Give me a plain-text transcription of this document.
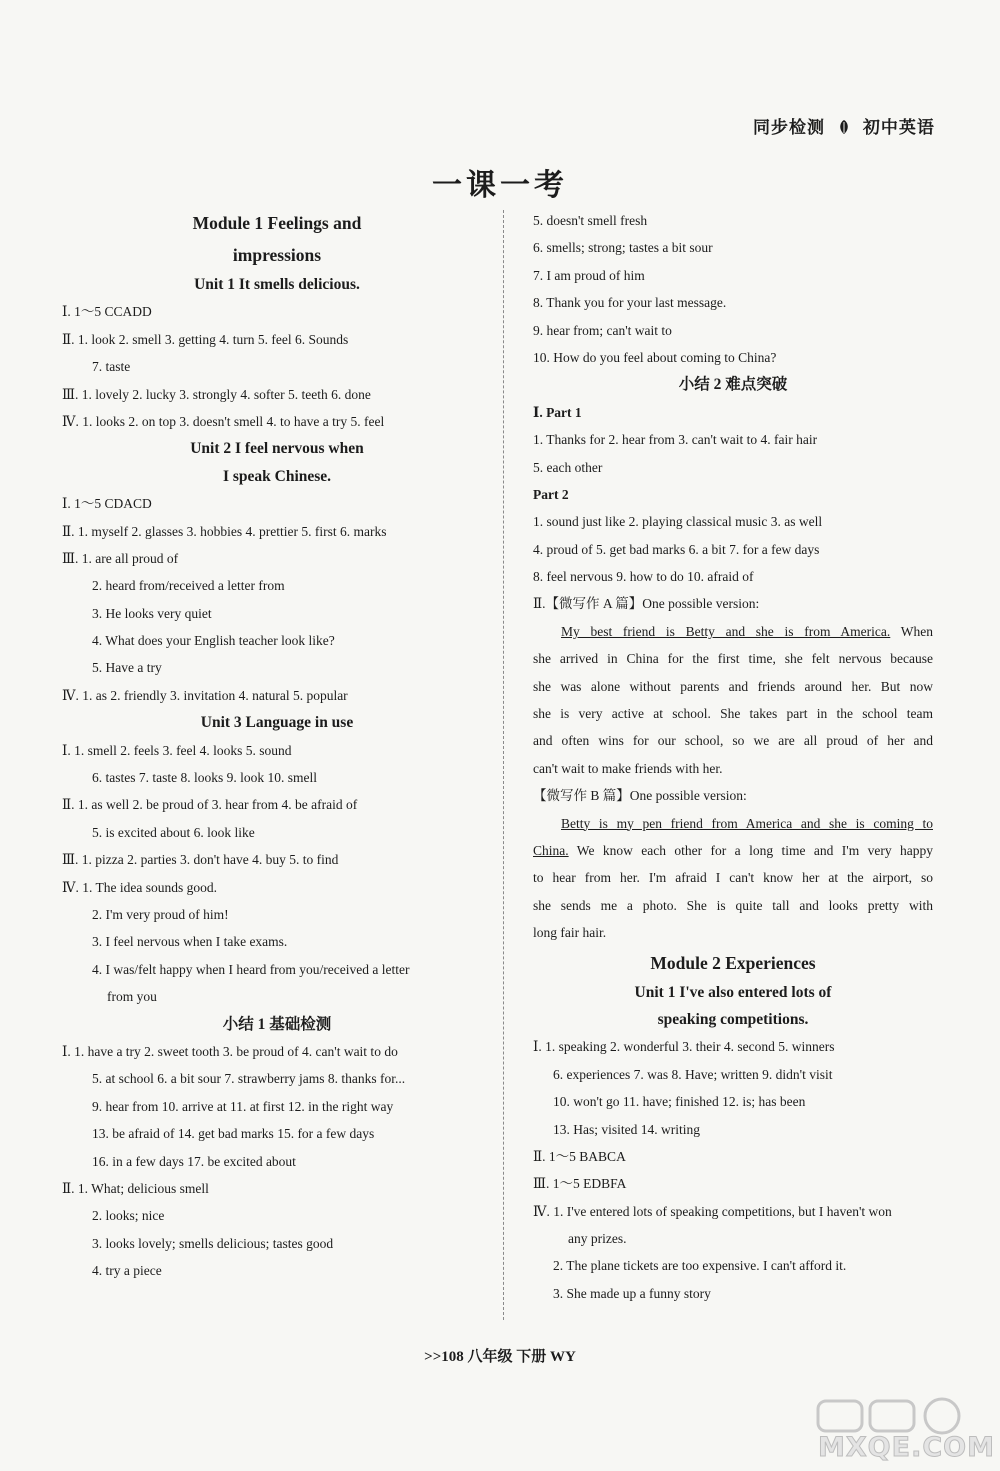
同步检测 初中英语
一课一考
Module 1 Feelings and
impressions
Unit 1 It smells delicious.
Ⅰ. 1～5 CCADD
Ⅱ. 1. look 2. smell 3. getting 4. turn 5. feel 6. Sounds
7. taste
Ⅲ. 1. lovely 2. lucky 3. strongly 4. softer 5. teeth 6. done
Ⅳ. 1. looks 2. on top 3. doesn't smell 4. to have a try 5. feel
Unit 2 I feel nervous when
I speak Chinese.
Ⅰ. 1～5 CDACD
Ⅱ. 1. myself 2. glasses 3. hobbies 4. prettier 5. first 6. marks
Ⅲ. 1. are all proud of
2. heard from/received a letter from
3. He looks very quiet
4. What does your English teacher look like?
5. Have a try
Ⅳ. 1. as 2. friendly 3. invitation 4. natural 5. popular
Unit 3 Language in use
Ⅰ. 1. smell 2. feels 3. feel 4. looks 5. sound
6. tastes 7. taste 8. looks 9. look 10. smell
Ⅱ. 1. as well 2. be proud of 3. hear from 4. be afraid of
5. is excited about 6. look like
Ⅲ. 1. pizza 2. parties 3. don't have 4. buy 5. to find
Ⅳ. 1. The idea sounds good.
2. I'm very proud of him!
3. I feel nervous when I take exams.
4. I was/felt happy when I heard from you/received a letter
from you
小结 1 基础检测
Ⅰ. 1. have a try 2. sweet tooth 3. be proud of 4. can't wait to do
5. at school 6. a bit sour 7. strawberry jams 8. thanks for...
9. hear from 10. arrive at 11. at first 12. in the right way
13. be afraid of 14. get bad marks 15. for a few days
16. in a few days 17. be excited about
Ⅱ. 1. What; delicious smell
2. looks; nice
3. looks lovely; smells delicious; tastes good
4. try a piece
5. doesn't smell fresh
6. smells; strong; tastes a bit sour
7. I am proud of him
8. Thank you for your last message.
9. hear from; can't wait to
10. How do you feel about coming to China?
小结 2 难点突破
Ⅰ. Part 1
1. Thanks for 2. hear from 3. can't wait to 4. fair hair
5. each other
Part 2
1. sound just like 2. playing classical music 3. as well
4. proud of 5. get bad marks 6. a bit 7. for a few days
8. feel nervous 9. how to do 10. afraid of
Ⅱ.【微写作 A 篇】One possible version:
My best friend is Betty and she is from America. When
she arrived in China for the first time, she felt nervous because
she was alone without parents and friends around her. But now
she is very active at school. She takes part in the school team
and often wins for our school, so we are all proud of her and
can't wait to make friends with her.
【微写作 B 篇】One possible version:
Betty is my pen friend from America and she is coming to
China. We know each other for a long time and I'm very happy
to hear from her. I'm afraid I can't know her at the airport, so
she sends me a photo. She is quite tall and looks pretty with
long fair hair.
Module 2 Experiences
Unit 1 I've also entered lots of
speaking competitions.
Ⅰ. 1. speaking 2. wonderful 3. their 4. second 5. winners
6. experiences 7. was 8. Have; written 9. didn't visit
10. won't go 11. have; finished 12. is; has been
13. Has; visited 14. writing
Ⅱ. 1～5 BABCA
Ⅲ. 1～5 EDBFA
Ⅳ. 1. I've entered lots of speaking competitions, but I haven't won
any prizes.
2. The plane tickets are too expensive. I can't afford it.
3. She made up a funny story
>>108 八年级 下册 WY
MXQE.COM
